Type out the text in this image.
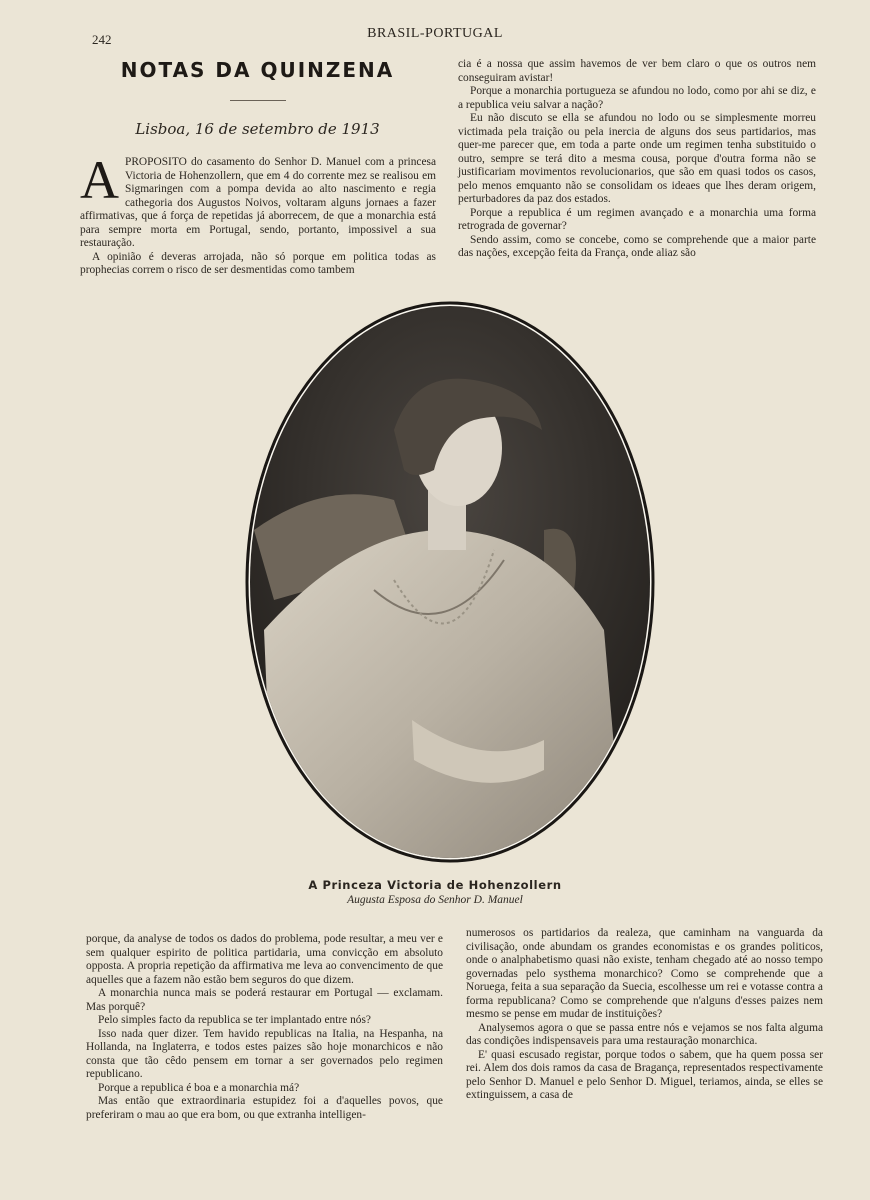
242	BRASIL-PORTUGAL
NOTAS DA QUINZENA
Lisboa, 16 de setembro de 1913

APROPOSITO do casamento do Senhor D. Manuel com a princesa Victoria de Hohenzollern, que em 4 do corrente mez se realisou em Sigmaringen com a pompa devida ao alto nascimento e regia cathegoria dos Augustos Noivos, voltaram alguns jornaes a fazer affirmativas, que á força de repetidas já aborrecem, de que a monarchia está para sempre morta em Portugal, sendo, portanto, impossivel a sua restauração.

A opinião é deveras arrojada, não só porque em politica todas as prophecias correm o risco de ser desmentidas como tambem

cia é a nossa que assim havemos de ver bem claro o que os outros nem conseguiram avistar!

Porque a monarchia portugueza se afundou no lodo, como por ahi se diz, e a republica veiu salvar a nação?

Eu não discuto se ella se afundou no lodo ou se simplesmente morreu victimada pela traição ou pela inercia de alguns dos seus partidarios, mas quer-me parecer que, em toda a parte onde um regimen tenha substituido o outro, sempre se terá dito a mesma cousa, porque d'outra forma não se justificariam movimentos revolucionarios, que são em quasi todos os casos, pelo menos emquanto não se consolidam os ideaes que lhes deram origem, perturbadores da paz dos estados.

Porque a republica é um regimen avançado e a monarchia uma forma retrograda de governar?

Sendo assim, como se concebe, como se comprehende que a maior parte das nações, excepção feita da França, onde aliaz são

A Princeza Victoria de Hohenzollern
Augusta Esposa do Senhor D. Manuel

porque, da analyse de todos os dados do problema, pode resultar, a meu ver e sem qualquer espirito de politica partidaria, uma convicção em absoluto opposta. A propria repetição da affirmativa me leva ao convencimento de que aquelles que a fazem não estão bem seguros do que dizem.

A monarchia nunca mais se poderá restaurar em Portugal — exclamam. Mas porquê?

Pelo simples facto da republica se ter implantado entre nós?

Isso nada quer dizer. Tem havido republicas na Italia, na Hespanha, na Hollanda, na Inglaterra, e todos estes paizes são hoje monarchicos e não consta que tão cêdo pensem em tornar a ser governados pelo regimen republicano.

Porque a republica é boa e a monarchia má?

Mas então que extraordinaria estupidez foi a d'aquelles povos, que preferiram o mau ao que era bom, ou que extranha intelligen-

numerosos os partidarios da realeza, que caminham na vanguarda da civilisação, onde abundam os grandes economistas e os grandes politicos, onde o analphabetismo quasi não existe, tenham chegado até ao nosso tempo governadas pelo systhema monarchico? Como se comprehende que a Noruega, feita a sua separação da Suecia, escolhesse um rei e votasse contra a forma republicana? Como se comprehende que n'alguns d'esses paizes nem mesmo se pense em mudar de instituições?

Analysemos agora o que se passa entre nós e vejamos se nos falta alguma das condições indispensaveis para uma restauração monarchica.

E' quasi escusado registar, porque todos o sabem, que ha quem possa ser rei. Alem dos dois ramos da casa de Bragança, representados respectivamente pelo Senhor D. Manuel e pelo Senhor D. Miguel, teriamos, ainda, se elles se extinguissem, a casa de
